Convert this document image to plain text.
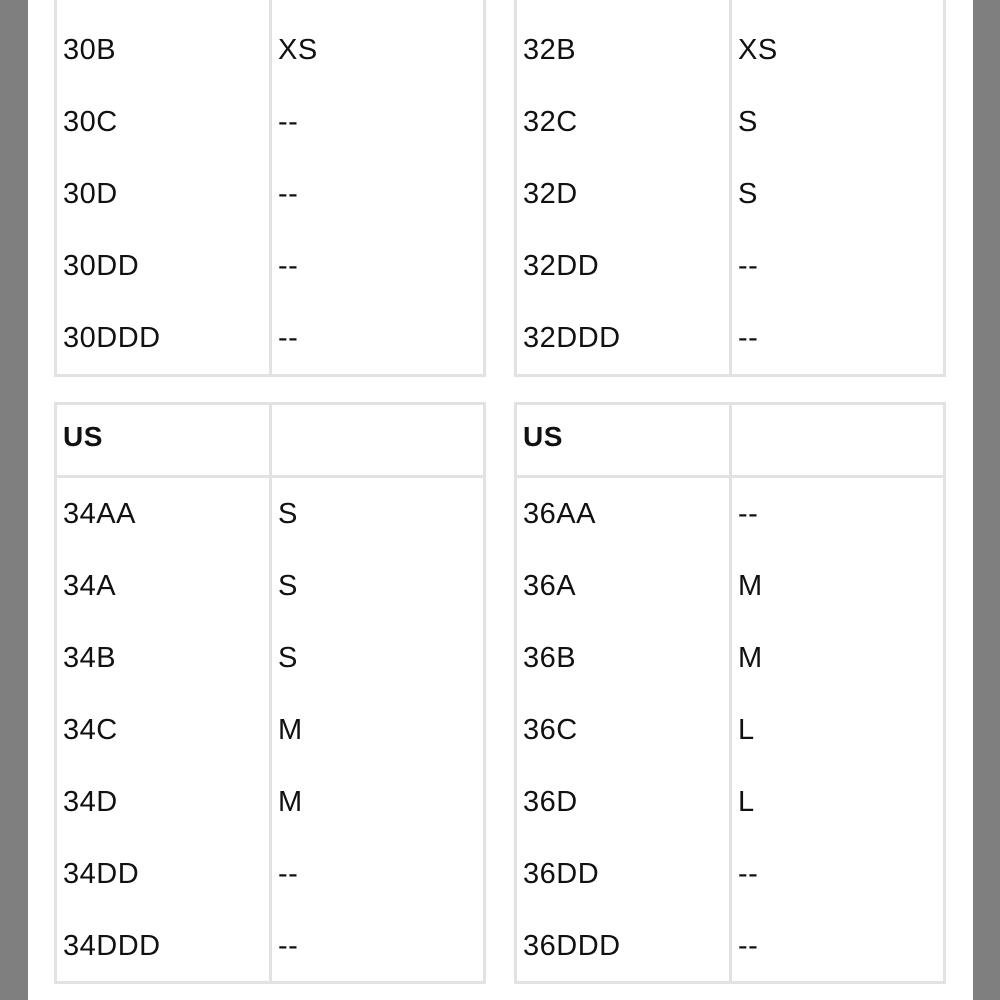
30B	XS
30C	--
30D	--
30DD	--
30DDD	--
32B	XS
32C	S
32D	S
32DD	--
32DDD	--
US
34AA	S
34A	S
34B	S
34C	M
34D	M
34DD	--
34DDD	--
US
36AA	--
36A	M
36B	M
36C	L
36D	L
36DD	--
36DDD	--
